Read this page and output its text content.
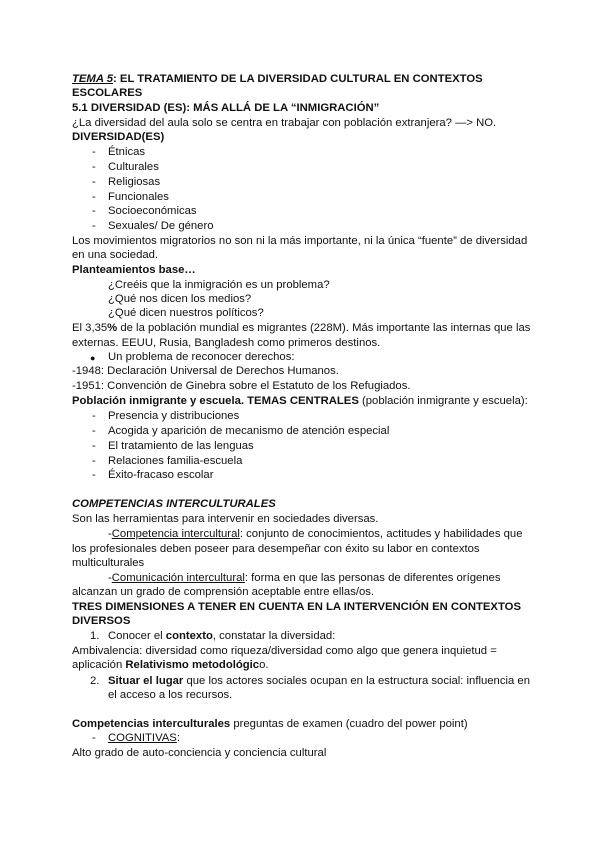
TEMA 5: EL TRATAMIENTO DE LA DIVERSIDAD CULTURAL EN CONTEXTOS
ESCOLARES
5.1 DIVERSIDAD (ES): MÁS ALLÁ DE LA “INMIGRACIÓN”
¿La diversidad del aula solo se centra en trabajar con población extranjera? —> NO.
DIVERSIDAD(ES)
- Étnicas
- Culturales
- Religiosas
- Funcionales
- Socioeconómicas
- Sexuales/ De género
Los movimientos migratorios no son ni la más importante, ni la única “fuente” de diversidad
en una sociedad.
Planteamientos base…
¿Creéis que la inmigración es un problema?
¿Qué nos dicen los medios?
¿Qué dicen nuestros políticos?
El 3,35% de la población mundial es migrantes (228M). Más importante las internas que las
externas. EEUU, Rusia, Bangladesh como primeros destinos.
● Un problema de reconocer derechos:
-1948: Declaración Universal de Derechos Humanos.
-1951: Convención de Ginebra sobre el Estatuto de los Refugiados.
Población inmigrante y escuela. TEMAS CENTRALES (población inmigrante y escuela):
- Presencia y distribuciones
- Acogida y aparición de mecanismo de atención especial
- El tratamiento de las lenguas
- Relaciones familia-escuela
- Éxito-fracaso escolar
COMPETENCIAS INTERCULTURALES
Son las herramientas para intervenir en sociedades diversas.
-Competencia intercultural: conjunto de conocimientos, actitudes y habilidades que
los profesionales deben poseer para desempeñar con éxito su labor en contextos
multiculturales
-Comunicación intercultural: forma en que las personas de diferentes orígenes
alcanzan un grado de comprensión aceptable entre ellas/os.
TRES DIMENSIONES A TENER EN CUENTA EN LA INTERVENCIÓN EN CONTEXTOS
DIVERSOS
1. Conocer el contexto, constatar la diversidad:
Ambivalencia: diversidad como riqueza/diversidad como algo que genera inquietud =
aplicación Relativismo metodológico.
2. Situar el lugar que los actores sociales ocupan en la estructura social: influencia en
el acceso a los recursos.
Competencias interculturales preguntas de examen (cuadro del power point)
- COGNITIVAS:
Alto grado de auto-conciencia y conciencia cultural
